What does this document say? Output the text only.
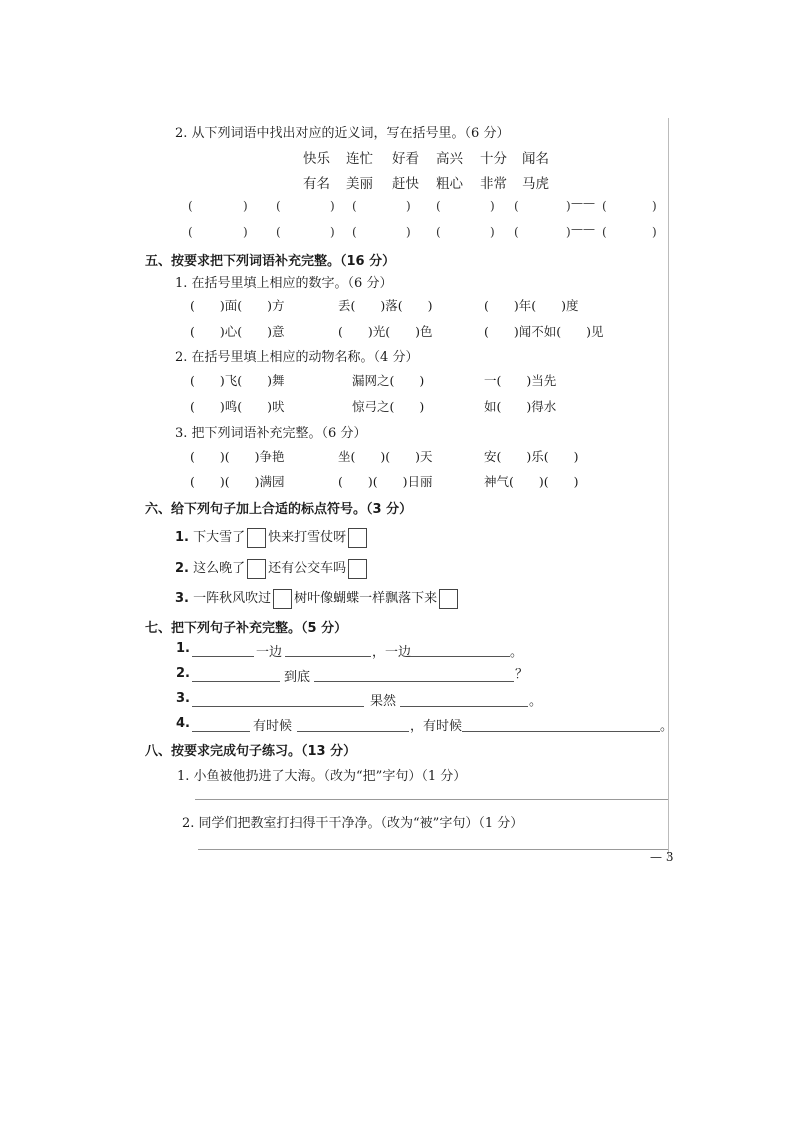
2. 从下列词语中找出对应的近义词，写在括号里。（6 分）
快乐 连忙 好看 高兴 十分 闻名
有名 美丽 赶快 粗心 非常 马虎
(	) (	) (	) (	) (	) —— (	)
(	) (	) (	) (	) (	) —— (	)
五、按要求把下列词语补充完整。（16 分）
1. 在括号里填上相应的数字。（6 分）
(　　)面(　　)方	丢(　　)落(　　)	(　　)年(　　)度
(　　)心(　　)意	(　　)光(　　)色	(　　)闻不如(　　)见
2. 在括号里填上相应的动物名称。（4 分）
(　　)飞(　　)舞	漏网之(　　)	一(　　)当先
(　　)鸣(　　)吠	惊弓之(　　)	如(　　)得水
3. 把下列词语补充完整。（6 分）
(　　)(　　)争艳	坐(　　)(　　)天	安(　　)乐(　　)
(　　)(　　)满园	(　　)(　　)日丽	神气(　　)(　　)
六、给下列句子加上合适的标点符号。（3 分）
1. 下大雪了 快来打雪仗呀
2. 这么晚了 还有公交车吗
3. 一阵秋风吹过 树叶像蝴蝶一样飘落下来
七、把下列句子补充完整。（5 分）
1.	一边	，一边	。
2.	到底	？
3.	果然	。
4.	有时候	，有时候	。
八、按要求完成句子练习。（13 分）
1. 小鱼被他扔进了大海。（改为“把”字句）（1 分）
2. 同学们把教室打扫得干干净净。（改为“被”字句）（1 分）
— 3
